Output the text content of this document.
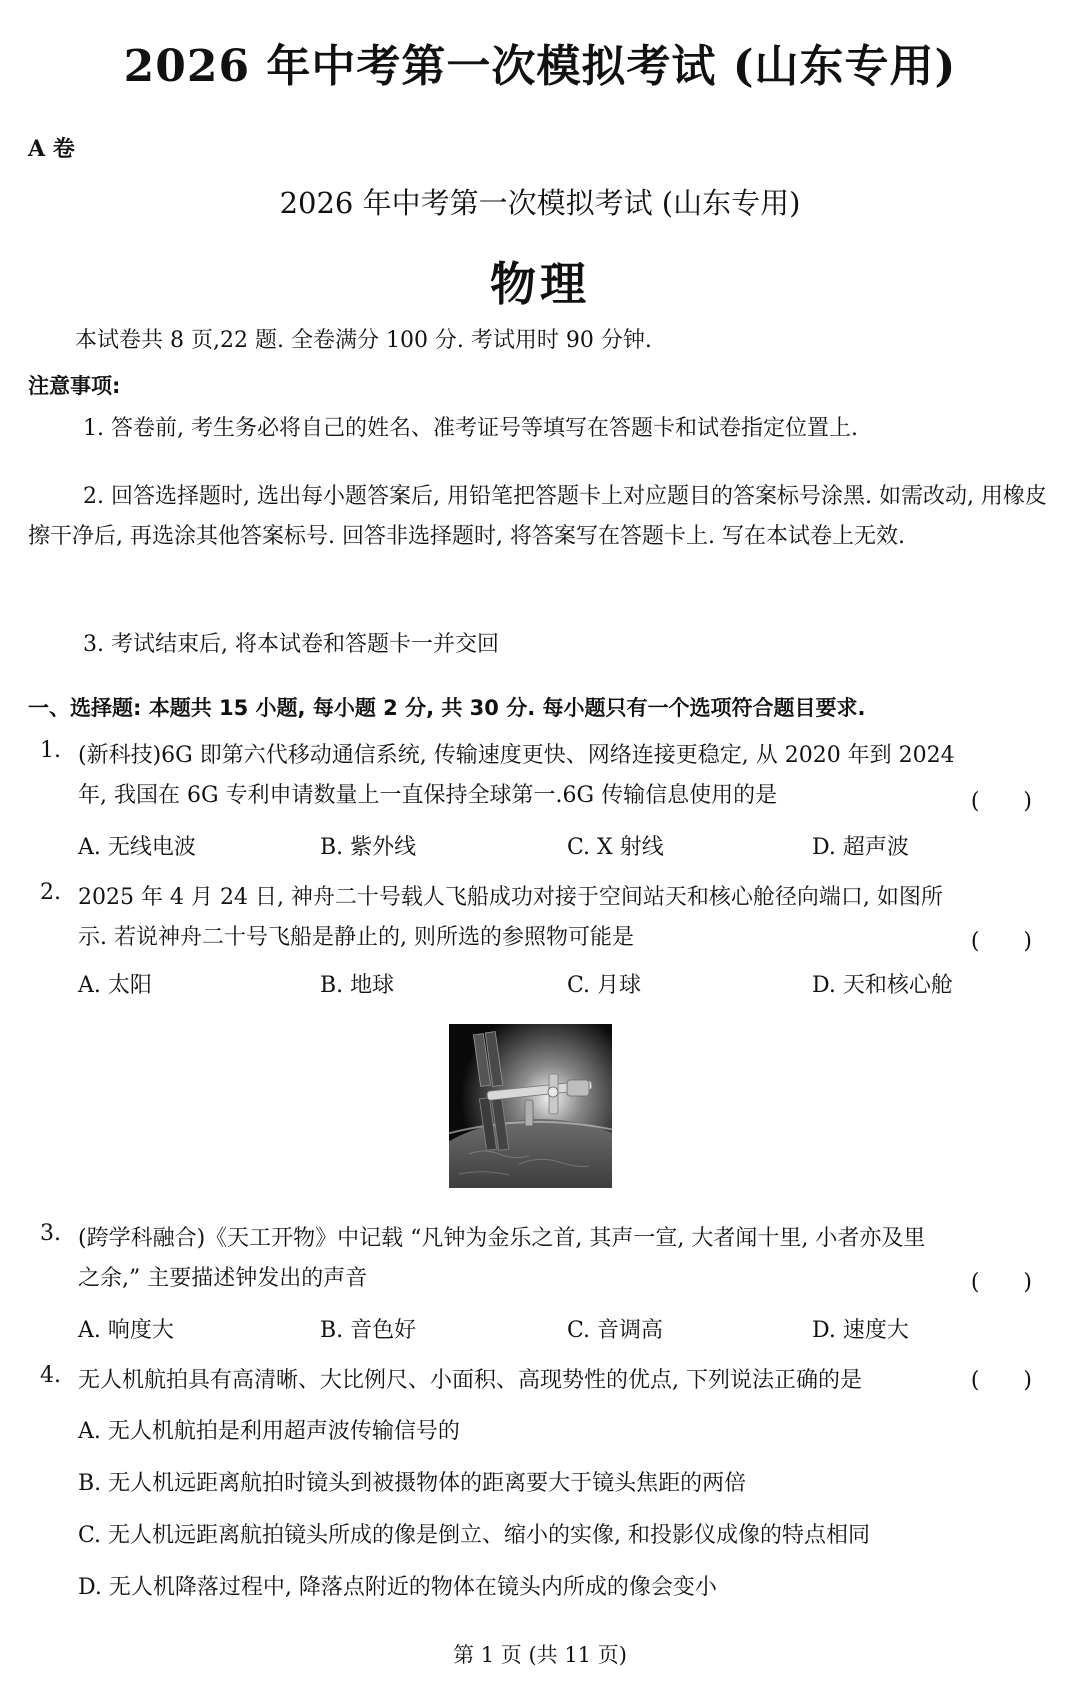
2026 年中考第一次模拟考试 (山东专用)
A 卷
2026 年中考第一次模拟考试 (山东专用)
物理
本试卷共 8 页,22 题. 全卷满分 100 分. 考试用时 90 分钟.
注意事项:
1. 答卷前, 考生务必将自己的姓名、准考证号等填写在答题卡和试卷指定位置上.
2. 回答选择题时, 选出每小题答案后, 用铅笔把答题卡上对应题目的答案标号涂黑. 如需改动, 用橡皮擦干净后, 再选涂其他答案标号. 回答非选择题时, 将答案写在答题卡上. 写在本试卷上无效.
3. 考试结束后, 将本试卷和答题卡一并交回
一、选择题: 本题共 15 小题, 每小题 2 分, 共 30 分. 每小题只有一个选项符合题目要求.
1. (新科技)6G 即第六代移动通信系统, 传输速度更快、网络连接更稳定, 从 2020 年到 2024
年, 我国在 6G 专利申请数量上一直保持全球第一.6G 传输信息使用的是	(　　)
A. 无线电波	B. 紫外线	C. X 射线	D. 超声波
2. 2025 年 4 月 24 日, 神舟二十号载人飞船成功对接于空间站天和核心舱径向端口, 如图所
示. 若说神舟二十号飞船是静止的, 则所选的参照物可能是	(　　)
A. 太阳	B. 地球	C. 月球	D. 天和核心舱
3. (跨学科融合)《天工开物》中记载 “凡钟为金乐之首, 其声一宣, 大者闻十里, 小者亦及里
之余,” 主要描述钟发出的声音	(　　)
A. 响度大	B. 音色好	C. 音调高	D. 速度大
4. 无人机航拍具有高清晰、大比例尺、小面积、高现势性的优点, 下列说法正确的是	(　　)
A. 无人机航拍是利用超声波传输信号的
B. 无人机远距离航拍时镜头到被摄物体的距离要大于镜头焦距的两倍
C. 无人机远距离航拍镜头所成的像是倒立、缩小的实像, 和投影仪成像的特点相同
D. 无人机降落过程中, 降落点附近的物体在镜头内所成的像会变小
第 1 页 (共 11 页)
